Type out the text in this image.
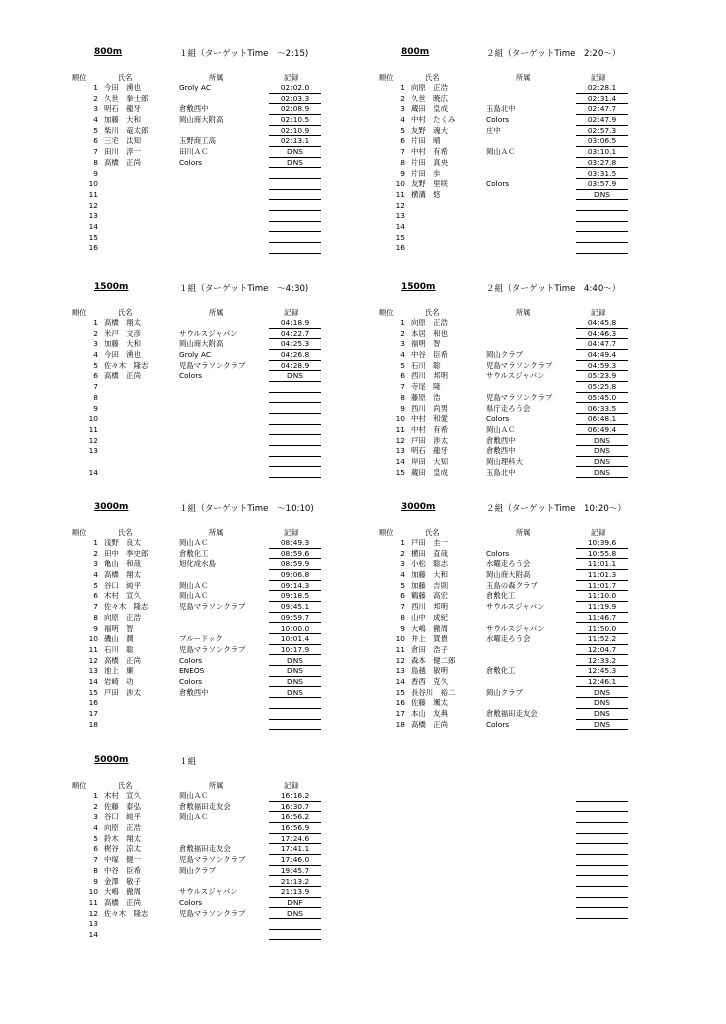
800m	１組（ターゲットTime　～2:15)
順位	氏名	所属	記録
1 今田　湧也	Groly AC	02:02.0
2 久世　拳士郎	02:03.3
3 明石　龍牙	倉敷西中	02:08.9
4 加藤　大和	岡山商大附高	02:10.5
5 柴川　竜太郎	02:10.9
6 三宅　汰知	玉野商工高	02:13.1
7 田川　淳一	田川ＡＣ	DNS
8 高橋　正尚	Colors	DNS
9
10
11
12
13
14
15
16
800m	２組（ターゲットTime　2:20～）
順位	氏名	所属	記録
1 向原　正浩	02:28.1
2 久世　暁広	02:31.4
3 蔵田　皇成	玉島北中	02:47.7
4 中村　たくみ	Colors	02:47.9
5 友野　魂大	庄中	02:57.3
6 片田　晴	03:06.5
7 中村　有希	岡山ＡＣ	03:10.1
8 片田　真央	03:27.8
9 片田　歩	03:31.5
10 友野　里咲	Colors	03:57.9
11 横溝　悠	DNS
12
13
14
15
16
1500m	１組（ターゲットTime　～4:30)
順位	氏名	所属	記録
1 高橋　翔太	04:18.9
2 米戸　文彦	サウルスジャパン	04:22.7
3 加藤　大和	岡山商大附高	04:25.3
4 今田　湧也	Groly AC	04:26.8
5 佐々木　隆志	児島マラソンクラブ	04:28.9
6 高橋　正尚	Colors	DNS
7
8
9
10
11
12
13
14
1500m	２組（ターゲットTime　4:40～）
順位	氏名	所属	記録
1 向原　正浩	04:45.8
2 本居　和也	04:46.3
3 福明　智	04:47.7
4 中谷　臣希	岡山クラブ	04:49.4
5 石川　聡	児島マラソンクラブ	04:59.3
6 西川　邦明	サウルスジャパン	05:23.9
7 寺尾　隆	05:25.8
8 藤原　浩	児島マラソンクラブ	05:45.0
9 西川　尚男	県庁走ろう会	06:33.5
10 中村　和愛	Colors	06:48.1
11 中村　有希	岡山ＡＣ	06:49.4
12 戸田　渉太	倉敷西中	DNS
13 明石　龍牙	倉敷西中	DNS
14 岸田　大知	岡山理科大	DNS
15 蔵田　皇成	玉島北中	DNS
3000m	１組（ターゲットTime　～10:10)
順位	氏名	所属	記録
1 浅野　良太	岡山ＡＣ	08:49.3
2 田中　季史郎	倉敷化工	08:59.6
3 亀山　和哉	旭化成水島	08:59.9
4 高橋　翔太	09:06.8
5 谷口　純平	岡山ＡＣ	09:14.3
6 木村　宣久	岡山ＡＣ	09:18.5
7 佐々木　隆志	児島マラソンクラブ	09:45.1
8 向原　正浩	09:59.7
9 福明　智	10:00.0
10 磯山　潤	ブルードック	10:01.4
11 石川　聡	児島マラソンクラブ	10:17.9
12 高橋　正尚	Colors	DNS
13 池上　廉	ENEOS	DNS
14 岩崎　功	Colors	DNS
15 戸田　渉太	倉敷西中	DNS
16
17
18
3000m	２組（ターゲットTime　10:20～）
順位	氏名	所属	記録
1 戸田　圭一	10:39.6
2 横田　直哉	Colors	10:55.8
3 小松　聡志	水曜走ろう会	11:01.1
4 加藤　大和	岡山商大附高	11:01.3
5 加藤　吉則	玉島の森クラブ	11:01.7
6 鶴藤　高宏	倉敷化工	11:10.0
7 西川　邦明	サウルスジャパン	11:19.9
8 山中　成紀	11:46.7
9 大嶋　徹周	サウルスジャパン	11:50.0
10 井上　賀貴	水曜走ろう会	11:52.2
11 倉田　浩子	12:04.7
12 森本　健二郎	12:33.2
13 島越　敏明	倉敷化工	12:45.3
14 香西　克久	12:46.1
15 長谷川　裕二	岡山クラブ	DNS
16 佐藤　颯太	DNS
17 本山　友典	倉敷福田走友会	DNS
18 高橋　正尚	Colors	DNS
5000m	１組
順位	氏名	所属	記録
1 木村　宣久	岡山ＡＣ	16:16.2
2 佐藤　泰弘	倉敷福田走友会	16:30.7
3 谷口　純平	岡山ＡＣ	16:56.2
4 向原　正浩	16:56.9
5 鈴木　翔太	17:24.6
6 梶谷　涼太	倉敷福田走友会	17:41.1
7 中塚　健一	児島マラソンクラブ	17:46.0
8 中谷　臣希	岡山クラブ	19:45.7
9 金澤　敬子	21:13.2
10 大嶋　徹周	サウルスジャパン	21:13.9
11 高橋　正尚	Colors	DNF
12 佐々木　隆志	児島マラソンクラブ	DNS
13
14
